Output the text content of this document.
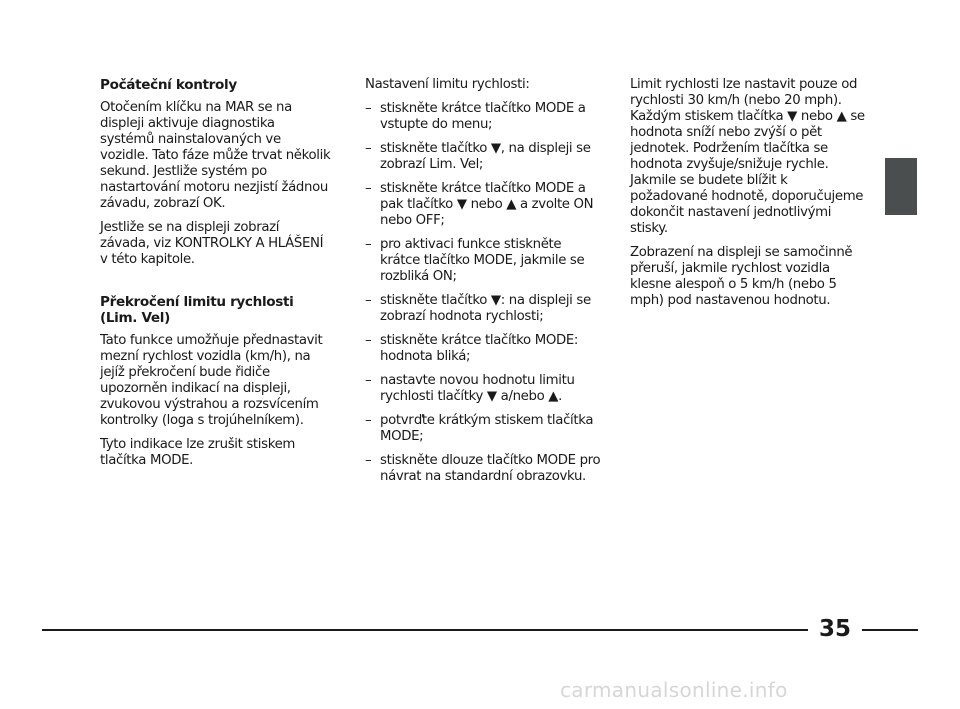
Počáteční kontroly

Otočením klíčku na MAR se na displeji aktivuje diagnostika systémů nainstalovaných ve vozidle. Tato fáze může trvat několik sekund. Jestliže systém po nastartování motoru nezjistí žádnou závadu, zobrazí OK.

Jestliže se na displeji zobrazí závada, viz KONTROLKY A HLÁŠENÍ v této kapitole.

Překročení limitu rychlosti (Lim. Vel)

Tato funkce umožňuje přednastavit mezní rychlost vozidla (km/h), na jejíž překročení bude řidiče upozorněn indikací na displeji, zvukovou výstrahou a rozsvícením kontrolky (loga s trojúhelníkem).

Tyto indikace lze zrušit stiskem tlačítka MODE.

Nastavení limitu rychlosti:

– stiskněte krátce tlačítko MODE a vstupte do menu;
– stiskněte tlačítko ▼, na displeji se zobrazí Lim. Vel;
– stiskněte krátce tlačítko MODE a pak tlačítko ▼ nebo ▲ a zvolte ON nebo OFF;
– pro aktivaci funkce stiskněte krátce tlačítko MODE, jakmile se rozbliká ON;
– stiskněte tlačítko ▼: na displeji se zobrazí hodnota rychlosti;
– stiskněte krátce tlačítko MODE: hodnota bliká;
– nastavte novou hodnotu limitu rychlosti tlačítky ▼ a/nebo ▲.
– potvrďte krátkým stiskem tlačítka MODE;
– stiskněte dlouze tlačítko MODE pro návrat na standardní obrazovku.

Limit rychlosti lze nastavit pouze od rychlosti 30 km/h (nebo 20 mph). Každým stiskem tlačítka ▼ nebo ▲ se hodnota sníží nebo zvýší o pět jednotek. Podržením tlačítka se hodnota zvyšuje/snižuje rychle. Jakmile se budete blížit k požadované hodnotě, doporučujeme dokončit nastavení jednotlivými stisky.

Zobrazení na displeji se samočinně přeruší, jakmile rychlost vozidla klesne alespoň o 5 km/h (nebo 5 mph) pod nastavenou hodnotu.

35
carmanualsonline.info
